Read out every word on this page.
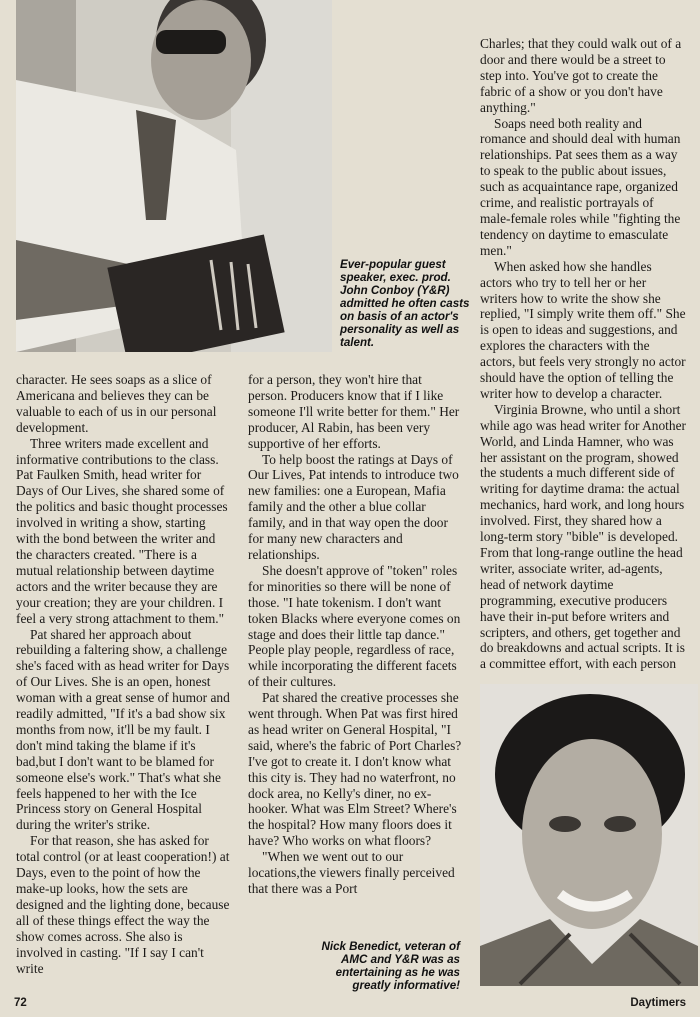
Ever-popular guest speaker, exec. prod. John Conboy (Y&R) admitted he often casts on basis of an actor's personality as well as talent.

Charles; that they could walk out of a door and there would be a street to step into. You've got to create the fabric of a show or you don't have anything."

Soaps need both reality and romance and should deal with human relationships. Pat sees them as a way to speak to the public about issues, such as acquaintance rape, organized crime, and realistic portrayals of male-female roles while "fighting the tendency on daytime to emasculate men."

When asked how she handles actors who try to tell her or her writers how to write the show she replied, "I simply write them off." She is open to ideas and suggestions, and explores the characters with the actors, but feels very strongly no actor should have the option of telling the writer how to develop a character.

Virginia Browne, who until a short while ago was head writer for Another World, and Linda Hamner, who was her assistant on the program, showed the students a much different side of writing for daytime drama: the actual mechanics, hard work, and long hours involved. First, they shared how a long-term story "bible" is developed. From that long-range outline the head writer, associate writer, ad-agents, head of network daytime programming, executive producers have their in-put before writers and scripters, and others, get together and do breakdowns and actual scripts. It is a committee effort, with each person

character. He sees soaps as a slice of Americana and believes they can be valuable to each of us in our personal development.

Three writers made excellent and informative contributions to the class. Pat Faulken Smith, head writer for Days of Our Lives, she shared some of the politics and basic thought processes involved in writing a show, starting with the bond between the writer and the characters created. "There is a mutual relationship between daytime actors and the writer because they are your creation; they are your children. I feel a very strong attachment to them."

Pat shared her approach about rebuilding a faltering show, a challenge she's faced with as head writer for Days of Our Lives. She is an open, honest woman with a great sense of humor and readily admitted, "If it's a bad show six months from now, it'll be my fault. I don't mind taking the blame if it's bad,but I don't want to be blamed for someone else's work." That's what she feels happened to her with the Ice Princess story on General Hospital during the writer's strike.

For that reason, she has asked for total control (or at least cooperation!) at Days, even to the point of how the make-up looks, how the sets are designed and the lighting done, because all of these things effect the way the show comes across. She also is involved in casting. "If I say I can't write

for a person, they won't hire that person. Producers know that if I like someone I'll write better for them." Her producer, Al Rabin, has been very supportive of her efforts.

To help boost the ratings at Days of Our Lives, Pat intends to introduce two new families: one a European, Mafia family and the other a blue collar family, and in that way open the door for many new characters and relationships.

She doesn't approve of "token" roles for minorities so there will be none of those. "I hate tokenism. I don't want token Blacks where everyone comes on stage and does their little tap dance." People play people, regardless of race, while incorporating the different facets of their cultures.

Pat shared the creative processes she went through. When Pat was first hired as head writer on General Hospital, "I said, where's the fabric of Port Charles? I've got to create it. I don't know what this city is. They had no waterfront, no dock area, no Kelly's diner, no ex-hooker. What was Elm Street? Where's the hospital? How many floors does it have? Who works on what floors?

"When we went out to our locations,the viewers finally perceived that there was a Port

Nick Benedict, veteran of AMC and Y&R was as entertaining as he was greatly informative!
72	Daytimers
